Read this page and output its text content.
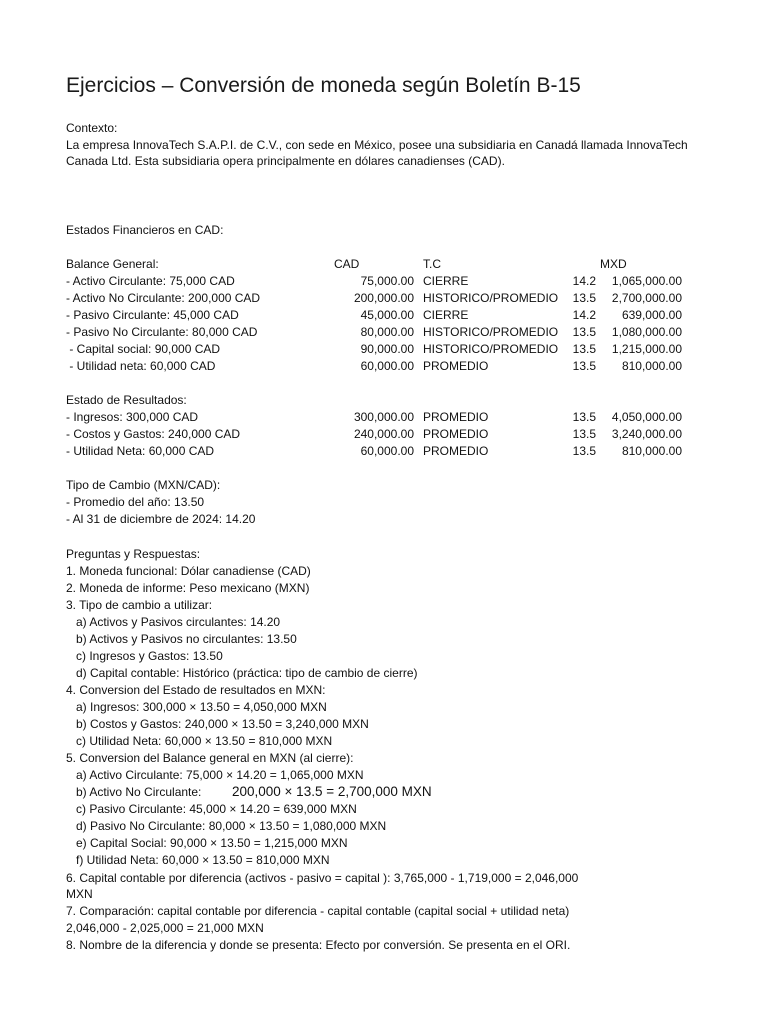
Ejercicios – Conversión de moneda según Boletín B-15
Contexto:
La empresa InnovaTech S.A.P.I. de C.V., con sede en México, posee una subsidiaria en Canadá llamada InnovaTech
Canada Ltd. Esta subsidiaria opera principalmente en dólares canadienses (CAD).
Estados Financieros en CAD:
Balance General:	CAD	T.C	MXD
- Activo Circulante: 75,000 CAD	75,000.00 CIERRE	14.2	1,065,000.00
- Activo No Circulante: 200,000 CAD	200,000.00 HISTORICO/PROMEDIO	13.5	2,700,000.00
- Pasivo Circulante: 45,000 CAD	45,000.00 CIERRE	14.2	639,000.00
- Pasivo No Circulante: 80,000 CAD	80,000.00 HISTORICO/PROMEDIO	13.5	1,080,000.00
- Capital social: 90,000 CAD	90,000.00 HISTORICO/PROMEDIO	13.5	1,215,000.00
- Utilidad neta: 60,000 CAD	60,000.00 PROMEDIO	13.5	810,000.00
Estado de Resultados:
- Ingresos: 300,000 CAD	300,000.00 PROMEDIO	13.5	4,050,000.00
- Costos y Gastos: 240,000 CAD	240,000.00 PROMEDIO	13.5	3,240,000.00
- Utilidad Neta: 60,000 CAD	60,000.00 PROMEDIO	13.5	810,000.00
Tipo de Cambio (MXN/CAD):
- Promedio del año: 13.50
- Al 31 de diciembre de 2024: 14.20
Preguntas y Respuestas:
1. Moneda funcional: Dólar canadiense (CAD)
2. Moneda de informe: Peso mexicano (MXN)
3. Tipo de cambio a utilizar:
a) Activos y Pasivos circulantes: 14.20
b) Activos y Pasivos no circulantes: 13.50
c) Ingresos y Gastos: 13.50
d) Capital contable: Histórico (práctica: tipo de cambio de cierre)
4. Conversion del Estado de resultados en MXN:
a) Ingresos: 300,000 × 13.50 = 4,050,000 MXN
b) Costos y Gastos: 240,000 × 13.50 = 3,240,000 MXN
c) Utilidad Neta: 60,000 × 13.50 = 810,000 MXN
5. Conversion del Balance general en MXN (al cierre):
a) Activo Circulante: 75,000 × 14.20 = 1,065,000 MXN
b) Activo No Circulante: 200,000 × 13.5 = 2,700,000 MXN
c) Pasivo Circulante: 45,000 × 14.20 = 639,000 MXN
d) Pasivo No Circulante: 80,000 × 13.50 = 1,080,000 MXN
e) Capital Social: 90,000 × 13.50 = 1,215,000 MXN
f) Utilidad Neta: 60,000 × 13.50 = 810,000 MXN
6. Capital contable por diferencia (activos - pasivo = capital ): 3,765,000 - 1,719,000 = 2,046,000
MXN
7. Comparación: capital contable por diferencia - capital contable (capital social + utilidad neta)
2,046,000 - 2,025,000 = 21,000 MXN
8. Nombre de la diferencia y donde se presenta: Efecto por conversión. Se presenta en el ORI.
